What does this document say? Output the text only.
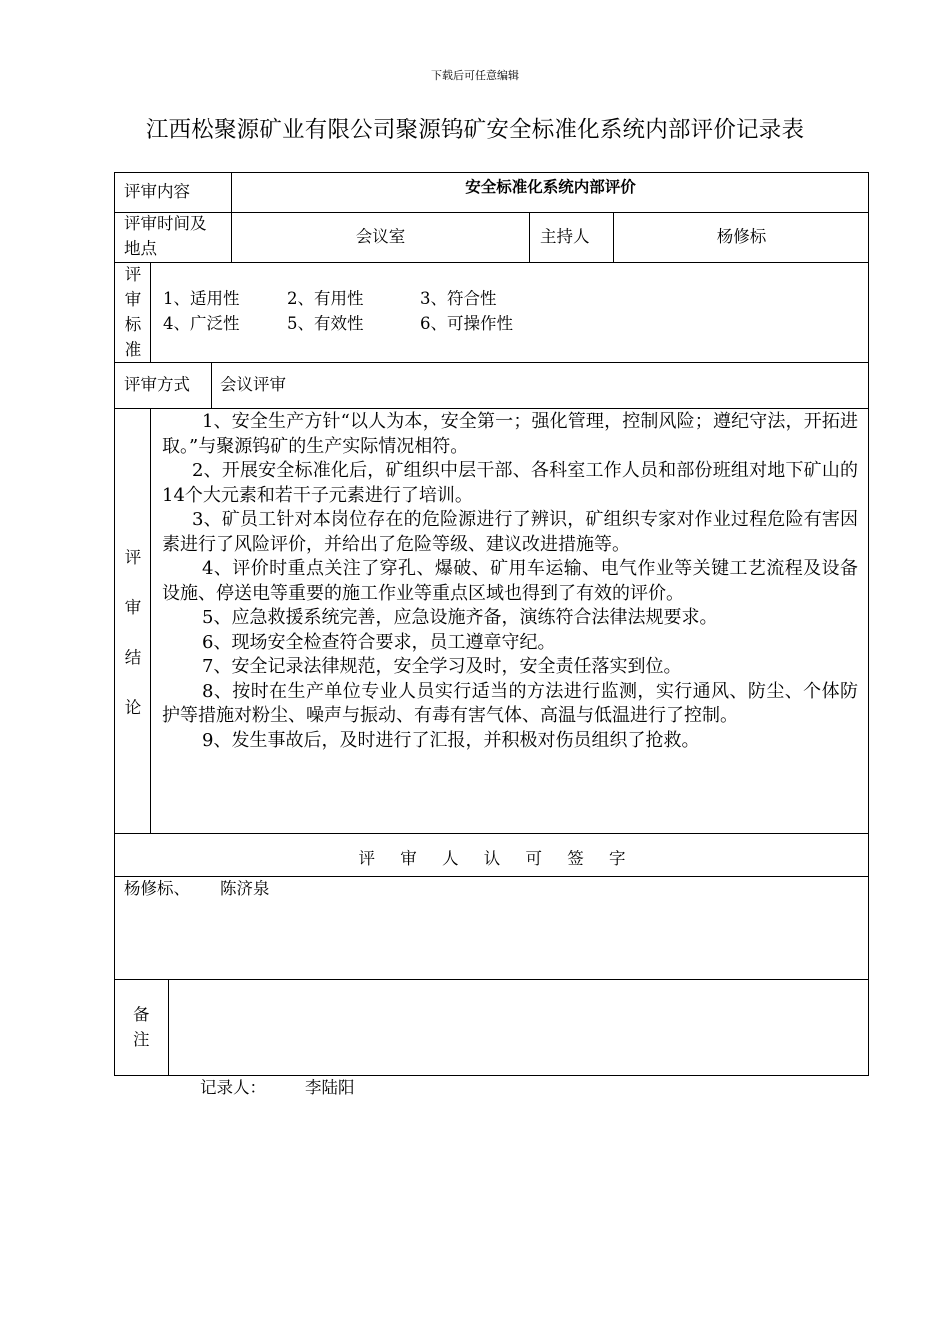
下载后可任意编辑
江西松聚源矿业有限公司聚源钨矿安全标准化系统内部评价记录表
评审内容	安全标准化系统内部评价
评审时间及
地点
会议室	主持人	杨修标
评
审
标
准
1、适用性	2、有用性	3、符合性
4、广泛性	5、有效性	6、可操作性
评审方式 会议评审
评
审
结
论

1、安全生产方针“以人为本，安全第一；强化管理，控制风险；遵纪守法，开拓进取。”与聚源钨矿的生产实际情况相符。

2、开展安全标准化后，矿组织中层干部、各科室工作人员和部份班组对地下矿山的14个大元素和若干子元素进行了培训。

3、矿员工针对本岗位存在的危险源进行了辨识，矿组织专家对作业过程危险有害因素进行了风险评价，并给出了危险等级、建议改进措施等。

4、评价时重点关注了穿孔、爆破、矿用车运输、电气作业等关键工艺流程及设备设施、停送电等重要的施工作业等重点区域也得到了有效的评价。

5、应急救援系统完善，应急设施齐备，演练符合法律法规要求。

6、现场安全检查符合要求，员工遵章守纪。

7、安全记录法律规范，安全学习及时，安全责任落实到位。

8、按时在生产单位专业人员实行适当的方法进行监测，实行通风、防尘、个体防护等措施对粉尘、噪声与振动、有毒有害气体、高温与低温进行了控制。

9、发生事故后，及时进行了汇报，并积极对伤员组织了抢救。

评 审 人 认 可 签 字
杨修标、 陈济泉
备
注
记录人： 李陆阳
